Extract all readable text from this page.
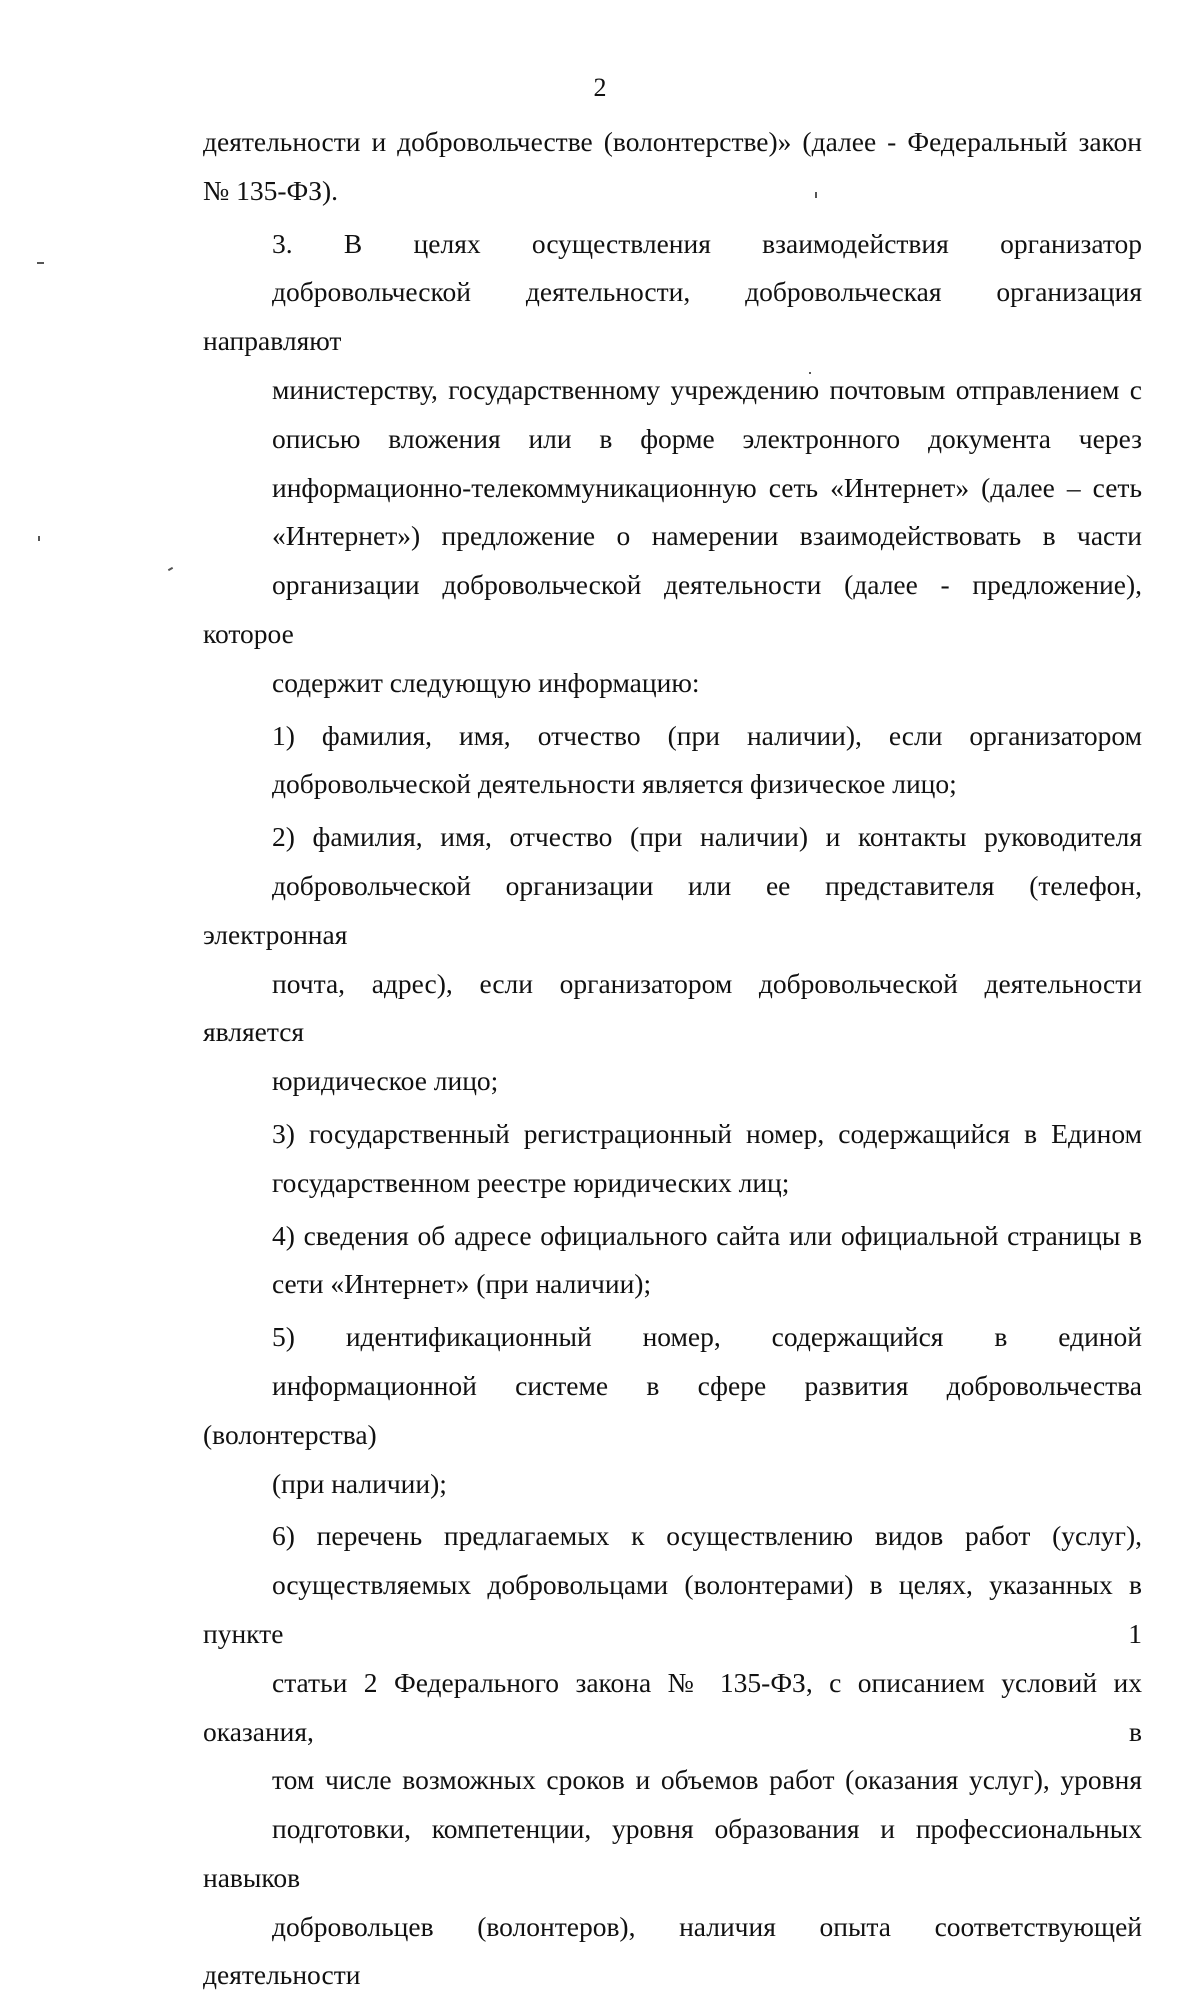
2

деятельности и добровольчестве (волонтерстве)» (далее - Федеральный закон
№ 135-ФЗ).

3. В целях осуществления взаимодействия организатор
добровольческой деятельности, добровольческая организация направляют
министерству, государственному учреждению почтовым отправлением с
описью вложения или в форме электронного документа через
информационно-телекоммуникационную сеть «Интернет» (далее – сеть
«Интернет») предложение о намерении взаимодействовать в части
организации добровольческой деятельности (далее - предложение), которое
содержит следующую информацию:

1) фамилия, имя, отчество (при наличии), если организатором
добровольческой деятельности является физическое лицо;

2) фамилия, имя, отчество (при наличии) и контакты руководителя
добровольческой организации или ее представителя (телефон, электронная
почта, адрес), если организатором добровольческой деятельности является
юридическое лицо;

3) государственный регистрационный номер, содержащийся в Едином
государственном реестре юридических лиц;

4) сведения об адресе официального сайта или официальной страницы в
сети «Интернет» (при наличии);

5) идентификационный номер, содержащийся в единой
информационной системе в сфере развития добровольчества (волонтерства)
(при наличии);

6) перечень предлагаемых к осуществлению видов работ (услуг),
осуществляемых добровольцами (волонтерами) в целях, указанных в пункте 1
статьи 2 Федерального закона № 135-ФЗ, с описанием условий их оказания, в
том числе возможных сроков и объемов работ (оказания услуг), уровня
подготовки, компетенции, уровня образования и профессиональных навыков
добровольцев (волонтеров), наличия опыта соответствующей деятельности
